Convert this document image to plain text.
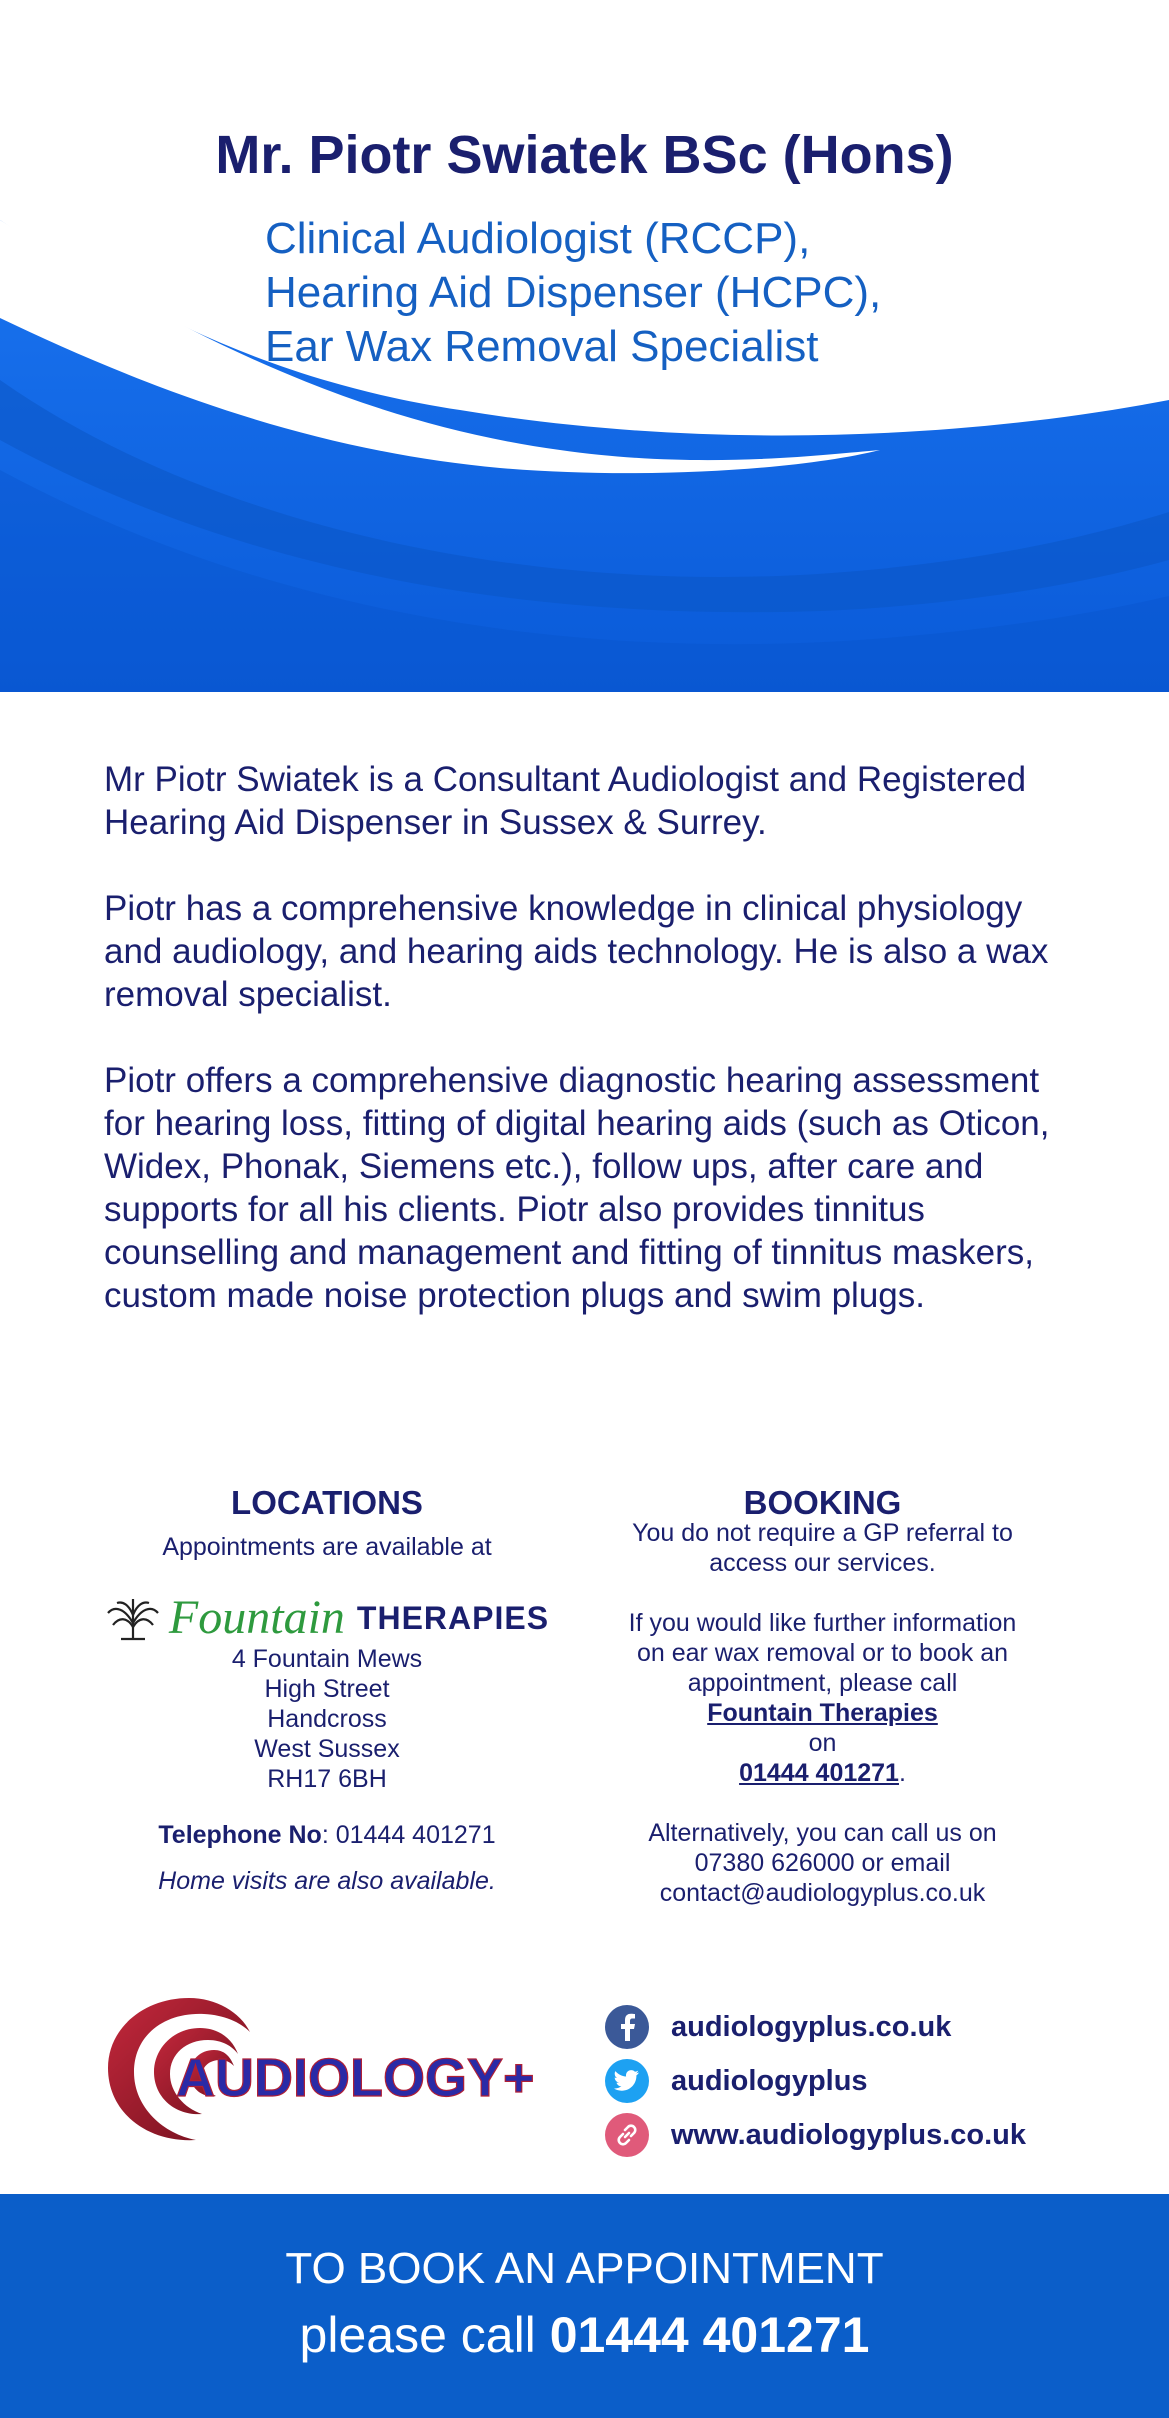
Mr. Piotr Swiatek BSc (Hons)
Clinical Audiologist (RCCP),
Hearing Aid Dispenser (HCPC),
Ear Wax Removal Specialist

Mr Piotr Swiatek is a Consultant Audiologist and Registered Hearing Aid Dispenser in Sussex & Surrey.

Piotr has a comprehensive knowledge in clinical physiology and audiology, and hearing aids technology. He is also a wax removal specialist.

Piotr offers a comprehensive diagnostic hearing assessment for hearing loss, fitting of digital hearing aids (such as Oticon, Widex, Phonak, Siemens etc.), follow ups, after care and supports for all his clients. Piotr also provides tinnitus counselling and management and fitting of tinnitus maskers, custom made noise protection plugs and swim plugs.

LOCATIONS
Appointments are available at
Fountain THERAPIES
4 Fountain Mews
High Street
Handcross
West Sussex
RH17 6BH
Telephone No: 01444 401271
Home visits are also available.
BOOKING
You do not require a GP referral to
access our services.
If you would like further information
on ear wax removal or to book an
appointment, please call
Fountain Therapies
on
01444 401271.
Alternatively, you can call us on
07380 626000 or email
contact@audiologyplus.co.uk
AUDIOLOGY+
audiologyplus.co.uk
audiologyplus
www.audiologyplus.co.uk
TO BOOK AN APPOINTMENT
please call 01444 401271
